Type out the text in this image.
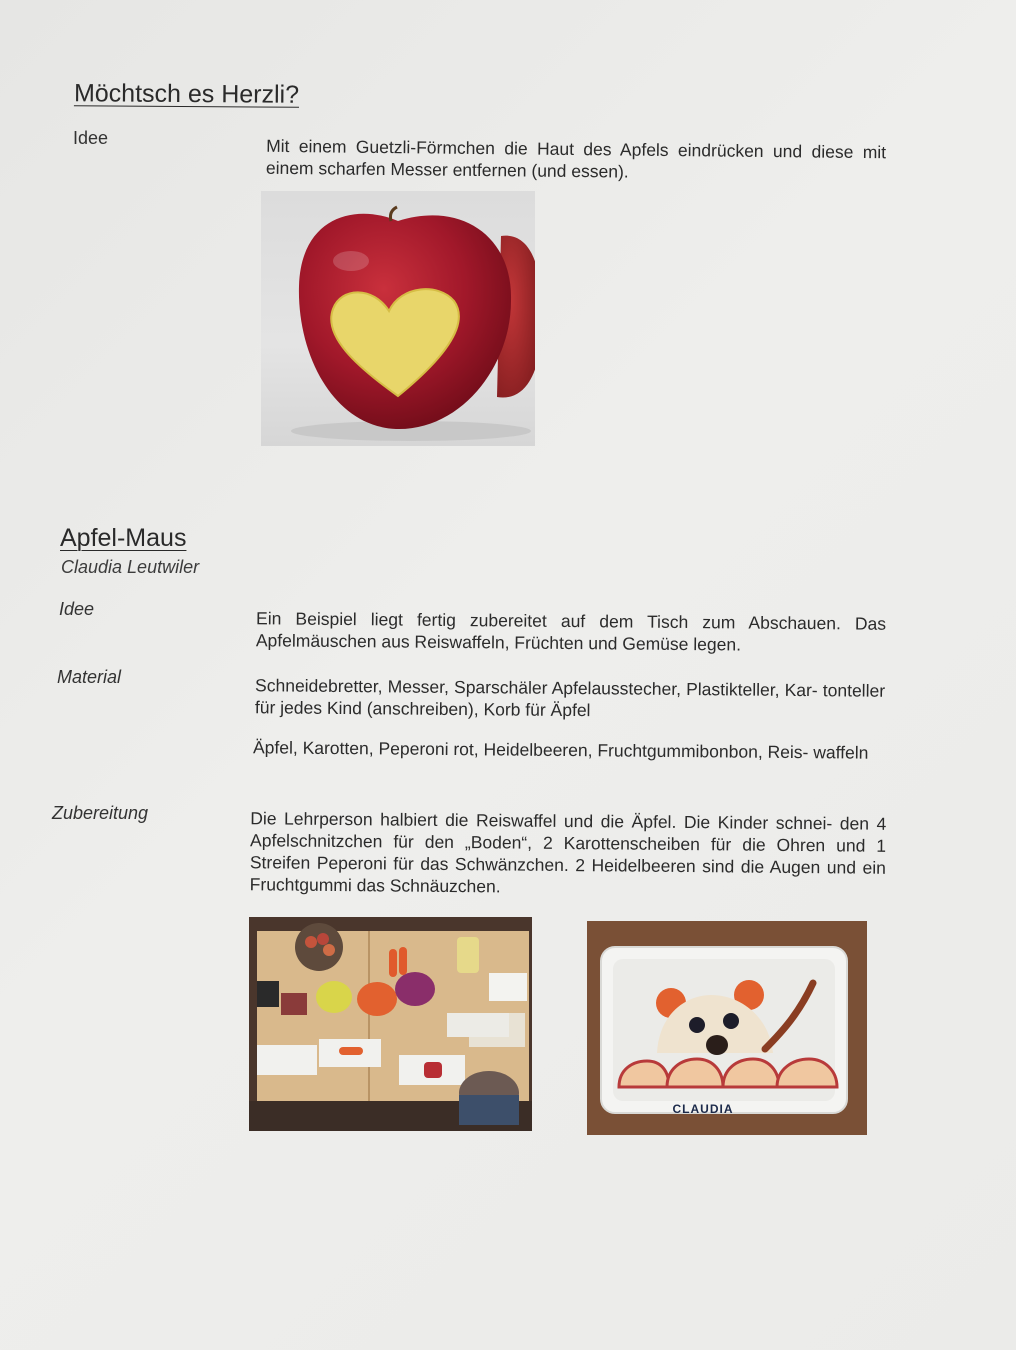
Möchtsch es Herzli?
Idee	Mit einem Guetzli-Förmchen die Haut des Apfels eindrücken und diese mit einem scharfen Messer entfernen (und essen).
Apfel-Maus
Claudia Leutwiler
Idee	Ein Beispiel liegt fertig zubereitet auf dem Tisch zum Abschauen. Das Apfelmäuschen aus Reiswaffeln, Früchten und Gemüse legen.
Material	Schneidebretter, Messer, Sparschäler Apfelausstecher, Plastikteller, Kar- tonteller für jedes Kind (anschreiben), Korb für Äpfel
Äpfel, Karotten, Peperoni rot, Heidelbeeren, Fruchtgummibonbon, Reis- waffeln
Zubereitung	Die Lehrperson halbiert die Reiswaffel und die Äpfel. Die Kinder schnei- den 4 Apfelschnitzchen für den „Boden“, 2 Karottenscheiben für die Ohren und 1 Streifen Peperoni für das Schwänzchen. 2 Heidelbeeren sind die Augen und ein Fruchtgummi das Schnäuzchen.
CLAUDIA
